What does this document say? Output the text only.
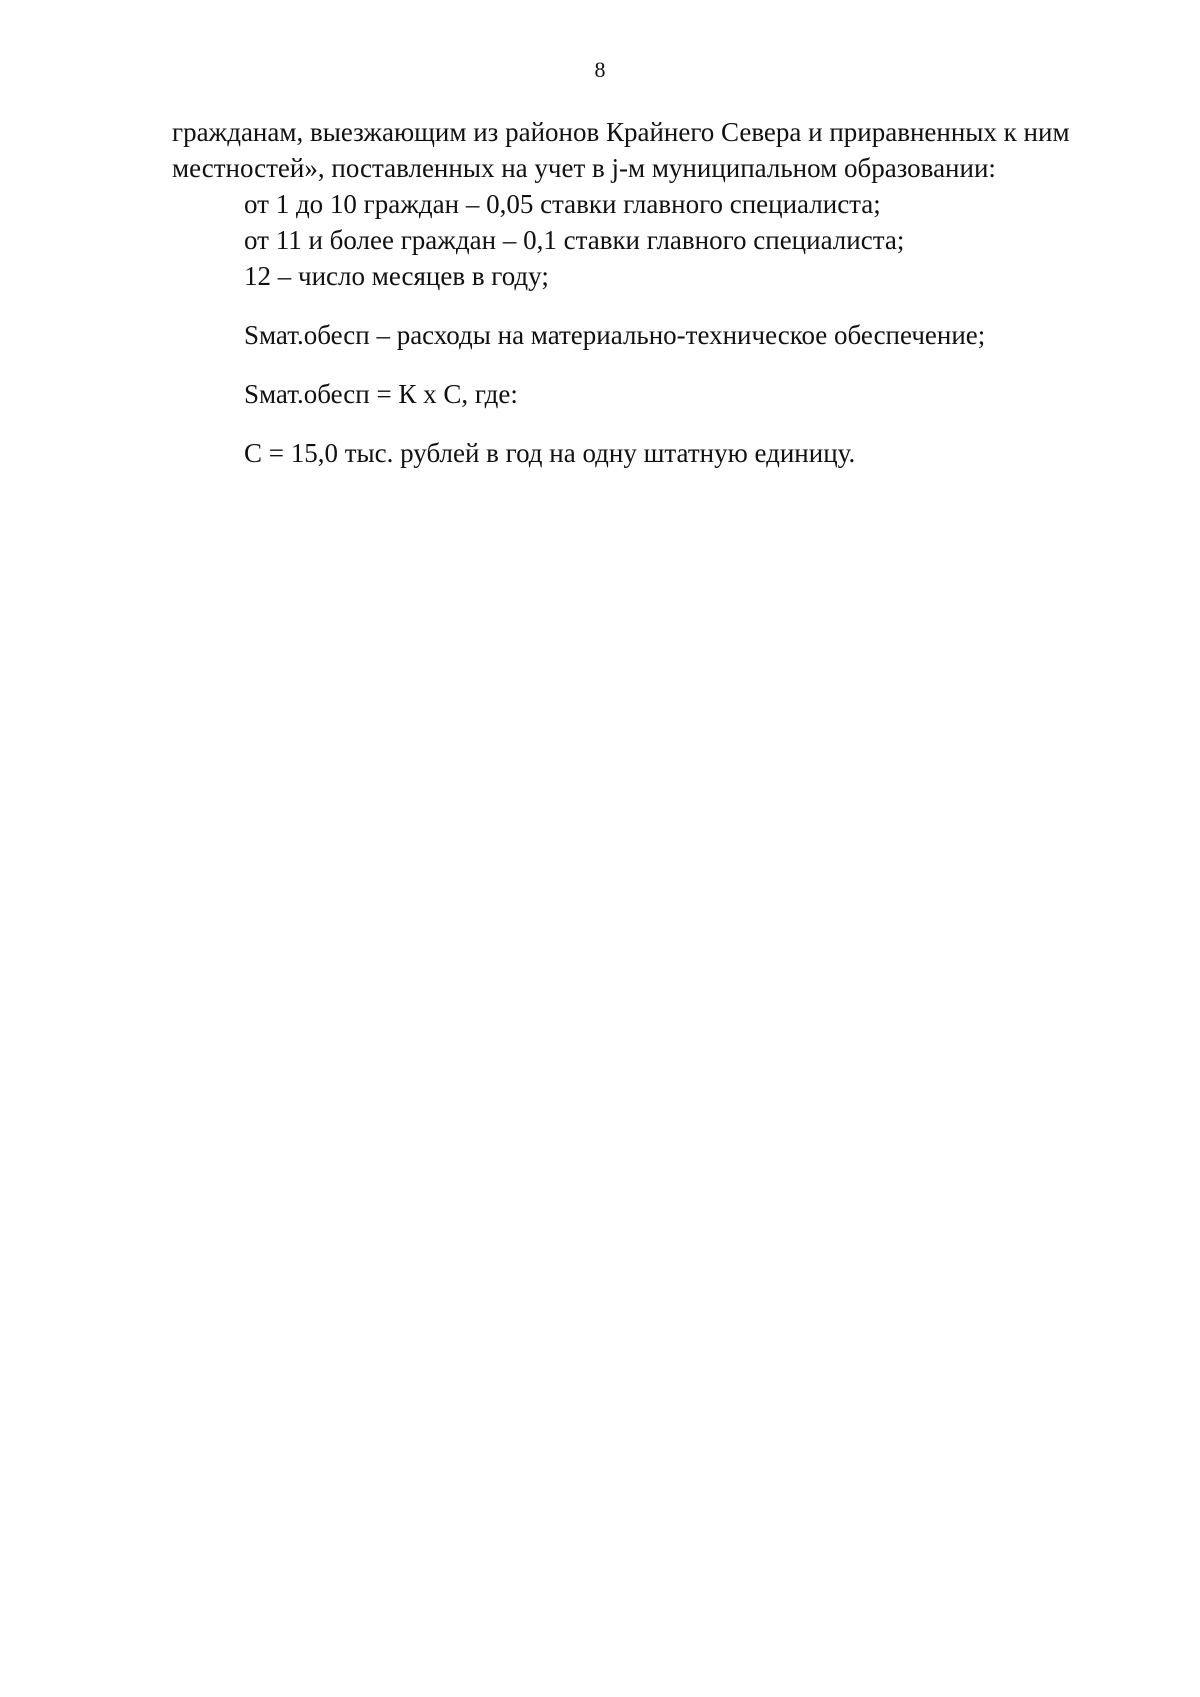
8

гражданам, выезжающим из районов Крайнего Севера и приравненных к ним

местностей», поставленных на учет в j-м муниципальном образовании:

от 1 до 10 граждан – 0,05 ставки главного специалиста;

от 11 и более граждан – 0,1 ставки главного специалиста;

12 – число месяцев в году;

Sмат.обесп – расходы на материально-техническое обеспечение;

Sмат.обесп = К х С, где:

С = 15,0 тыс. рублей в год на одну штатную единицу.
